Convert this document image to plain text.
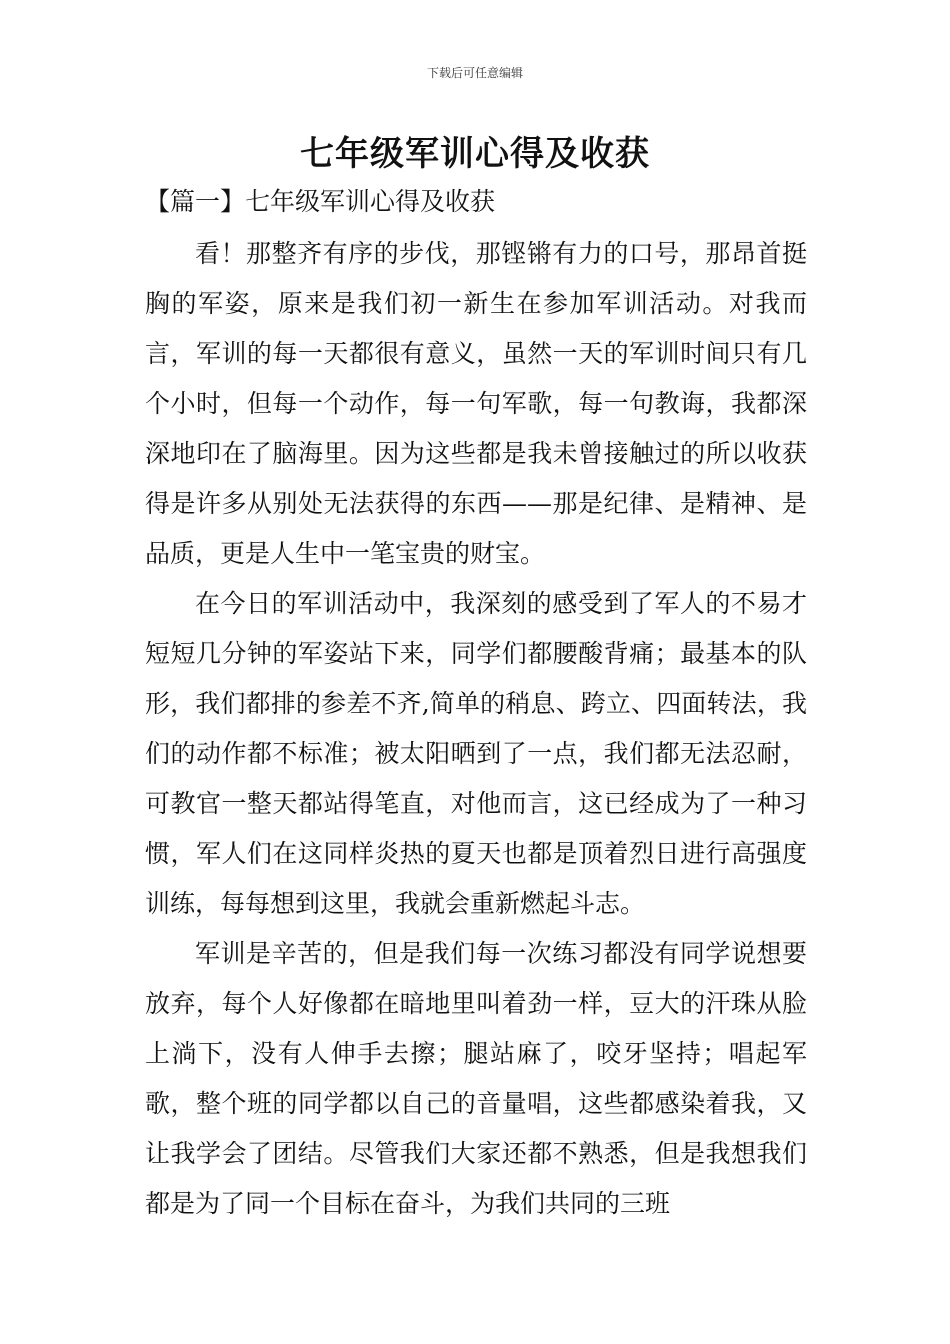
下载后可任意编辑
七年级军训心得及收获
【篇一】七年级军训心得及收获

看！那整齐有序的步伐，那铿锵有力的口号，那昂首挺胸的军姿，原来是我们初一新生在参加军训活动。对我而言，军训的每一天都很有意义，虽然一天的军训时间只有几个小时，但每一个动作，每一句军歌，每一句教诲，我都深深地印在了脑海里。因为这些都是我未曾接触过的所以收获得是许多从别处无法获得的东西——那是纪律、是精神、是品质，更是人生中一笔宝贵的财宝。

在今日的军训活动中，我深刻的感受到了军人的不易才短短几分钟的军姿站下来，同学们都腰酸背痛；最基本的队形，我们都排的参差不齐,简单的稍息、跨立、四面转法，我们的动作都不标准；被太阳晒到了一点，我们都无法忍耐，可教官一整天都站得笔直，对他而言，这已经成为了一种习惯，军人们在这同样炎热的夏天也都是顶着烈日进行高强度训练，每每想到这里，我就会重新燃起斗志。

军训是辛苦的，但是我们每一次练习都没有同学说想要放弃，每个人好像都在暗地里叫着劲一样，豆大的汗珠从脸上淌下，没有人伸手去擦；腿站麻了，咬牙坚持；唱起军歌，整个班的同学都以自己的音量唱，这些都感染着我，又让我学会了团结。尽管我们大家还都不熟悉，但是我想我们都是为了同一个目标在奋斗，为我们共同的三班
